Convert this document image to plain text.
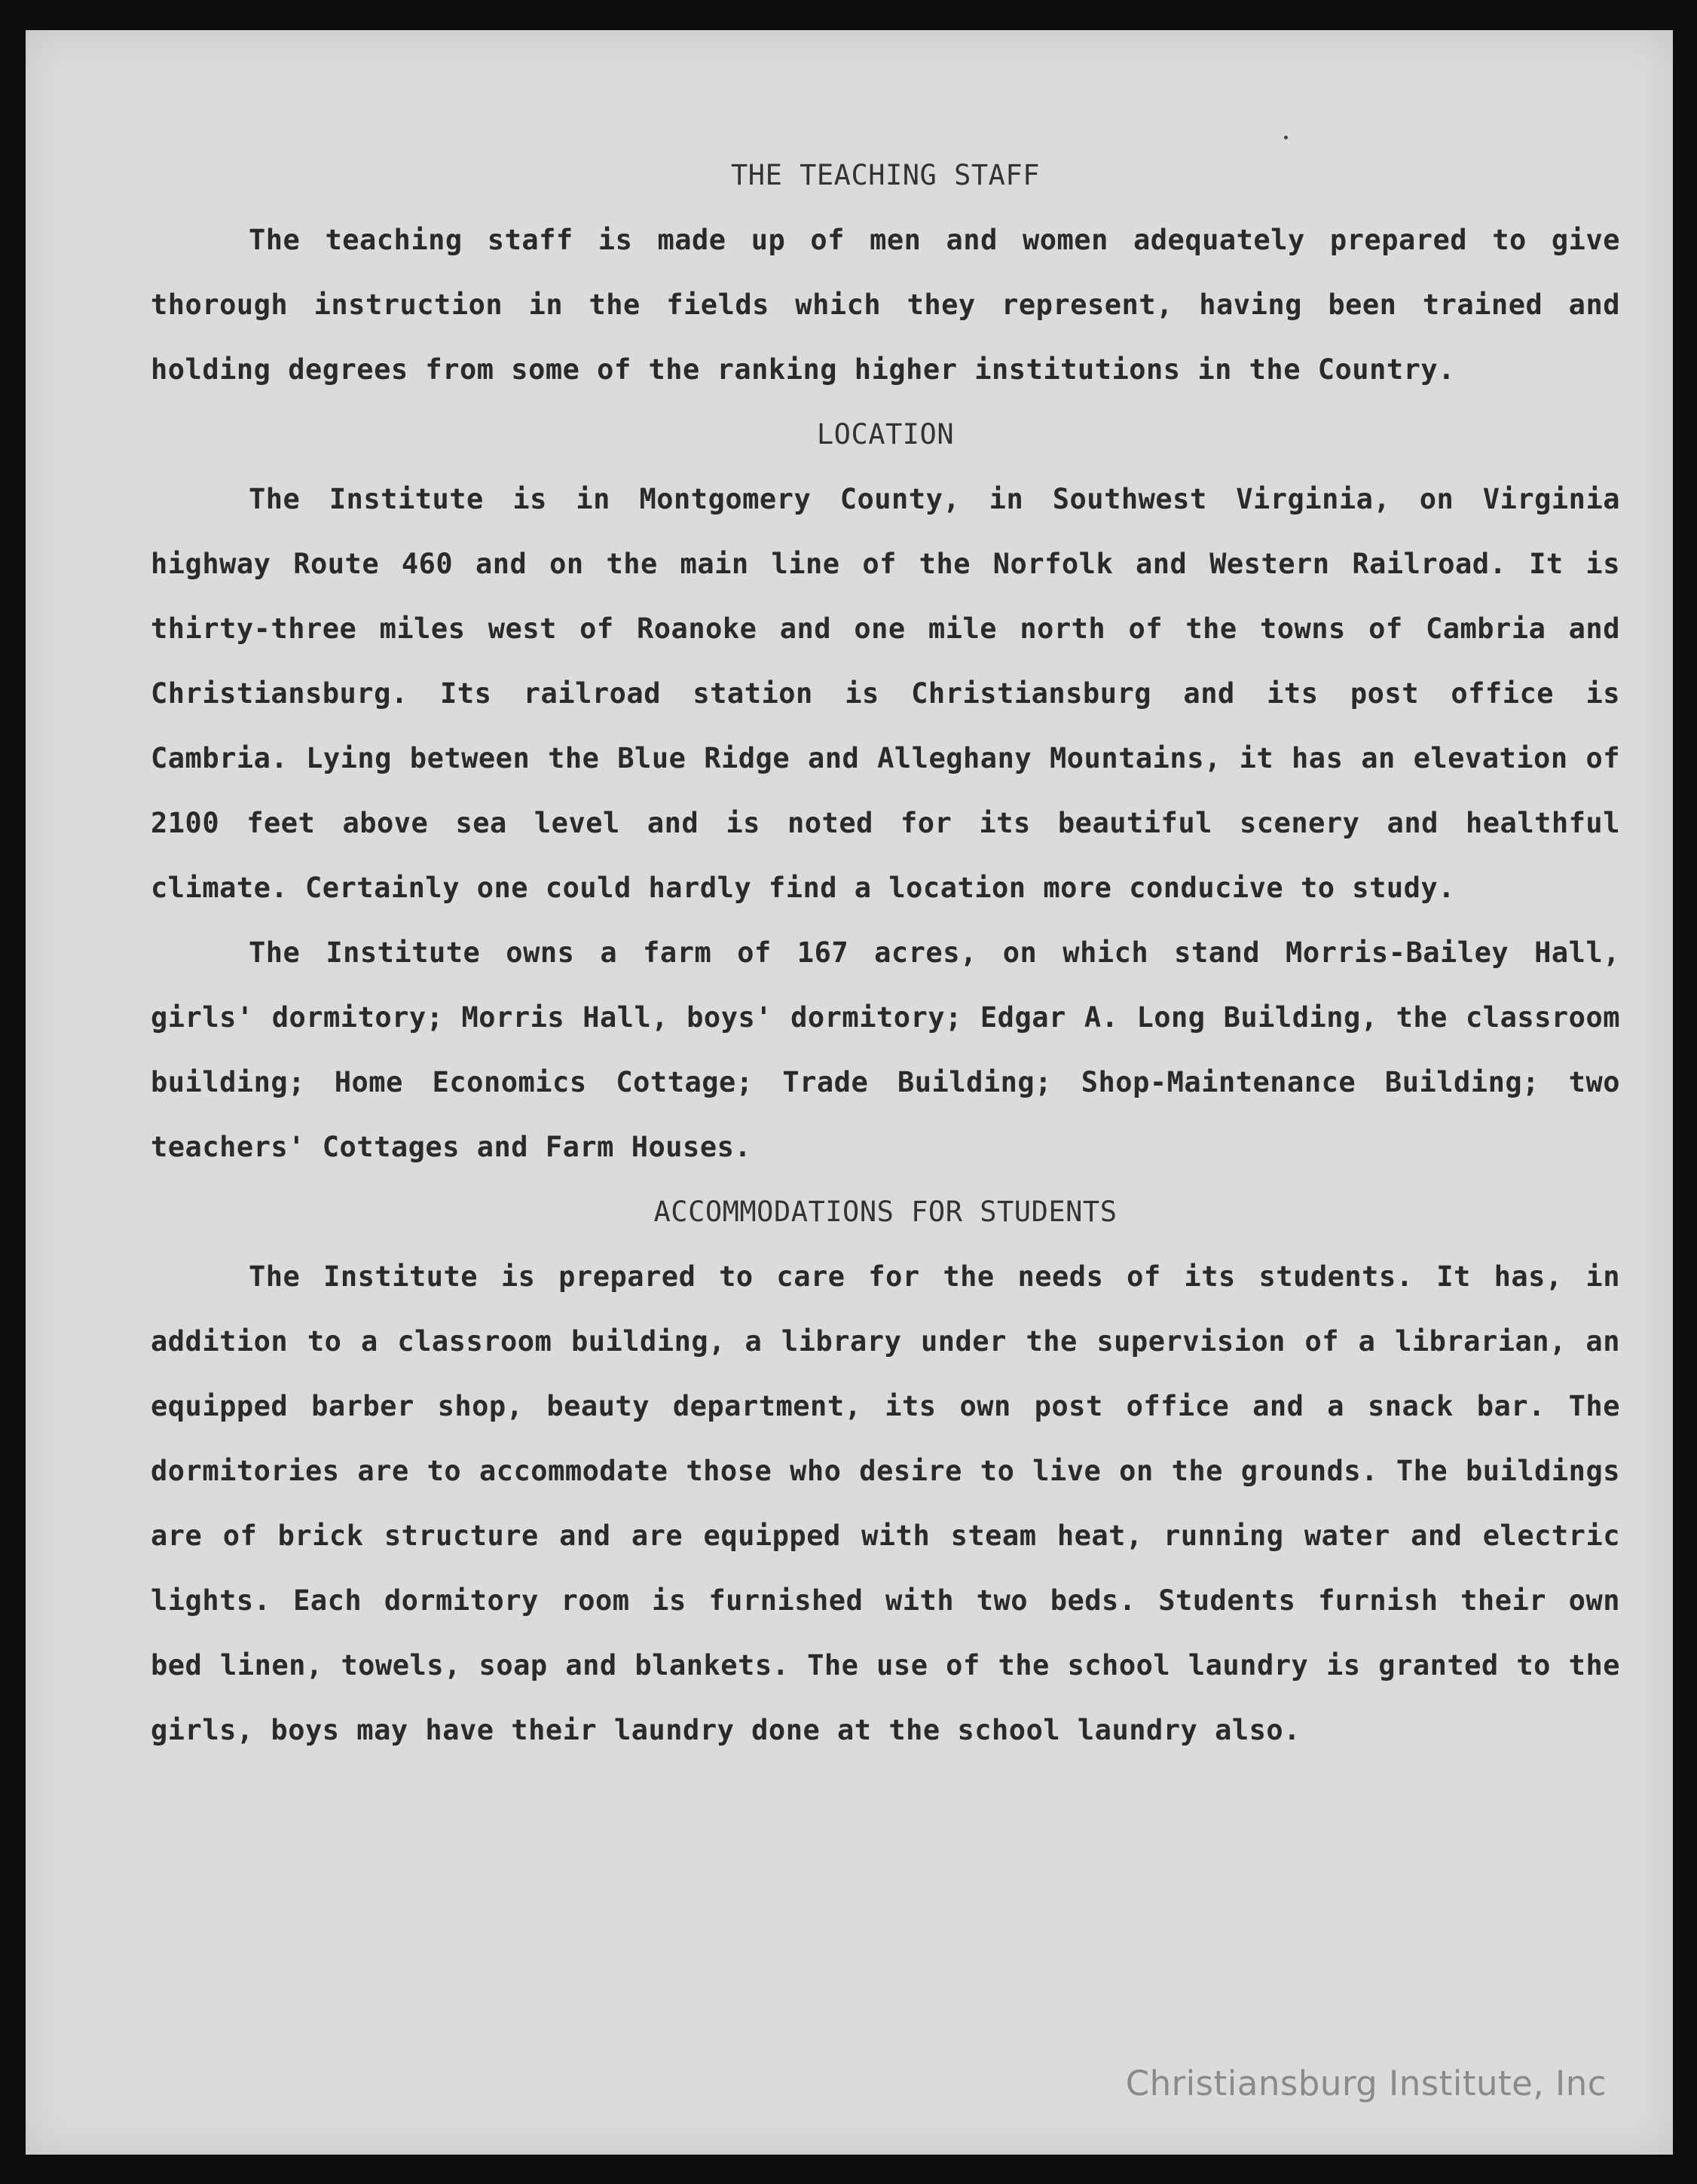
THE TEACHING STAFF

The teaching staff is made up of men and women adequately prepared to give thorough instruction in the fields which they represent, having been trained and holding degrees from some of the ranking higher institutions in the Country.

LOCATION

The Institute is in Montgomery County, in Southwest Virginia, on Virginia highway Route 460 and on the main line of the Norfolk and Western Railroad. It is thirty-three miles west of Roanoke and one mile north of the towns of Cambria and Christiansburg. Its railroad station is Christiansburg and its post office is Cambria. Lying between the Blue Ridge and Alleghany Mountains, it has an elevation of 2100 feet above sea level and is noted for its beautiful scenery and healthful climate. Certainly one could hardly find a location more conducive to study.

The Institute owns a farm of 167 acres, on which stand Morris-Bailey Hall, girls' dormitory; Morris Hall, boys' dormitory; Edgar A. Long Building, the classroom building; Home Economics Cottage; Trade Building; Shop-Maintenance Building; two teachers' Cottages and Farm Houses.

ACCOMMODATIONS FOR STUDENTS

The Institute is prepared to care for the needs of its students. It has, in addition to a classroom building, a library under the supervision of a librarian, an equipped barber shop, beauty department, its own post office and a snack bar. The dormitories are to accommodate those who desire to live on the grounds. The buildings are of brick structure and are equipped with steam heat, running water and electric lights. Each dormitory room is furnished with two beds. Students furnish their own bed linen, towels, soap and blankets. The use of the school laundry is granted to the girls, boys may have their laundry done at the school laundry also.

Christiansburg Institute, Inc
